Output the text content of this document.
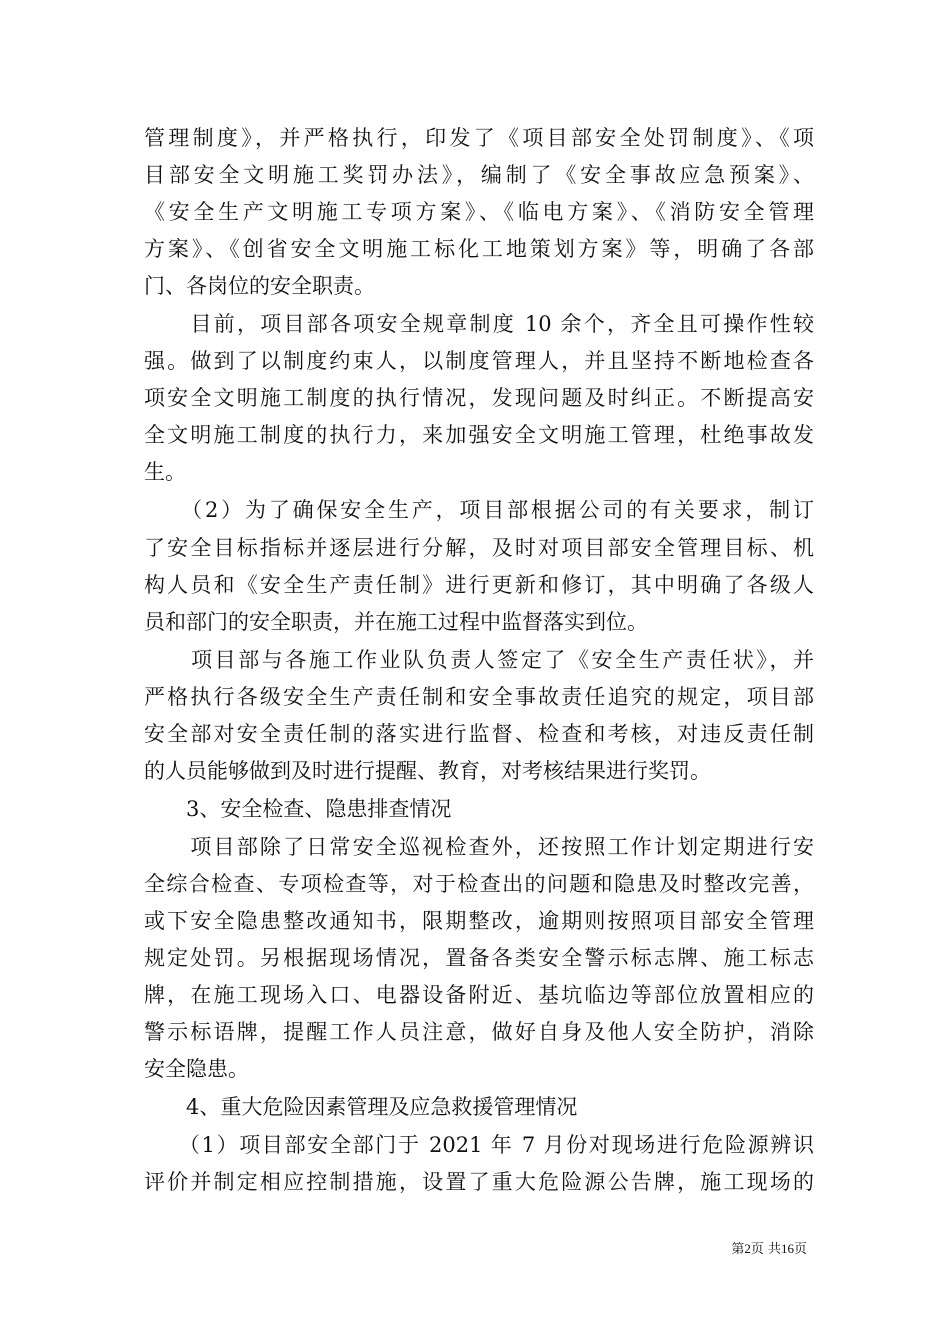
管理制度》，并严格执行，印发了《项目部安全处罚制度》、《项
目部安全文明施工奖罚办法》，编制了《安全事故应急预案》、
《安全生产文明施工专项方案》、《临电方案》、《消防安全管理
方案》、《创省安全文明施工标化工地策划方案》等，明确了各部
门、各岗位的安全职责。
　　目前，项目部各项安全规章制度 10 余个，齐全且可操作性较
强。做到了以制度约束人，以制度管理人，并且坚持不断地检查各
项安全文明施工制度的执行情况，发现问题及时纠正。不断提高安
全文明施工制度的执行力，来加强安全文明施工管理，杜绝事故发
生。
　　（2）为了确保安全生产，项目部根据公司的有关要求，制订
了安全目标指标并逐层进行分解，及时对项目部安全管理目标、机
构人员和《安全生产责任制》进行更新和修订，其中明确了各级人
员和部门的安全职责，并在施工过程中监督落实到位。
　　项目部与各施工作业队负责人签定了《安全生产责任状》，并
严格执行各级安全生产责任制和安全事故责任追究的规定，项目部
安全部对安全责任制的落实进行监督、检查和考核，对违反责任制
的人员能够做到及时进行提醒、教育，对考核结果进行奖罚。
　　3、安全检查、隐患排查情况
　　项目部除了日常安全巡视检查外，还按照工作计划定期进行安
全综合检查、专项检查等，对于检查出的问题和隐患及时整改完善，
或下安全隐患整改通知书，限期整改，逾期则按照项目部安全管理
规定处罚。另根据现场情况，置备各类安全警示标志牌、施工标志
牌，在施工现场入口、电器设备附近、基坑临边等部位放置相应的
警示标语牌，提醒工作人员注意，做好自身及他人安全防护，消除
安全隐患。
　　4、重大危险因素管理及应急救援管理情况
　　（1）项目部安全部门于 2021 年 7 月份对现场进行危险源辨识
评价并制定相应控制措施，设置了重大危险源公告牌，施工现场的
第2页 共16页
